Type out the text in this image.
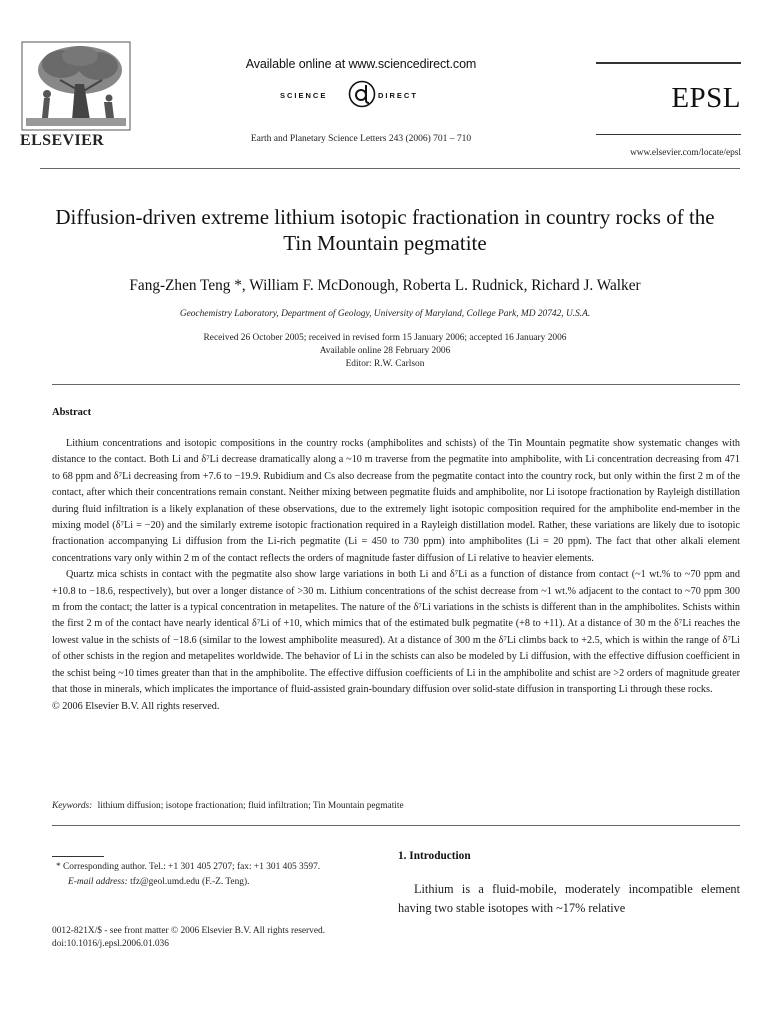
ELSEVIER
Available online at www.sciencedirect.com
SCIENCE	DIRECT
Earth and Planetary Science Letters 243 (2006) 701 – 710
EPSL
www.elsevier.com/locate/epsl
Diffusion-driven extreme lithium isotopic fractionation in country rocks of the Tin Mountain pegmatite
Fang-Zhen Teng *, William F. McDonough, Roberta L. Rudnick, Richard J. Walker
Geochemistry Laboratory, Department of Geology, University of Maryland, College Park, MD 20742, U.S.A.
Received 26 October 2005; received in revised form 15 January 2006; accepted 16 January 2006
Available online 28 February 2006
Editor: R.W. Carlson
Abstract

Lithium concentrations and isotopic compositions in the country rocks (amphibolites and schists) of the Tin Mountain pegmatite show systematic changes with distance to the contact. Both Li and δ⁷Li decrease dramatically along a ~10 m traverse from the pegmatite into amphibolite, with Li concentration decreasing from 471 to 68 ppm and δ⁷Li decreasing from +7.6 to −19.9. Rubidium and Cs also decrease from the pegmatite contact into the country rock, but only within the first 2 m of the contact, after which their concentrations remain constant. Neither mixing between pegmatite fluids and amphibolite, nor Li isotope fractionation by Rayleigh distillation during fluid infiltration is a likely explanation of these observations, due to the extremely light isotopic composition required for the amphibolite end-member in the mixing model (δ⁷Li = −20) and the similarly extreme isotopic fractionation required in a Rayleigh distillation model. Rather, these variations are likely due to isotopic fractionation accompanying Li diffusion from the Li-rich pegmatite (Li = 450 to 730 ppm) into amphibolites (Li = 20 ppm). The fact that other alkali element concentrations vary only within 2 m of the contact reflects the orders of magnitude faster diffusion of Li relative to heavier elements.

Quartz mica schists in contact with the pegmatite also show large variations in both Li and δ⁷Li as a function of distance from contact (~1 wt.% to ~70 ppm and +10.8 to −18.6, respectively), but over a longer distance of >30 m. Lithium concentrations of the schist decrease from ~1 wt.% adjacent to the contact to ~70 ppm 300 m from the contact; the latter is a typical concentration in metapelites. The nature of the δ⁷Li variations in the schists is different than in the amphibolites. Schists within the first 2 m of the contact have nearly identical δ⁷Li of +10, which mimics that of the estimated bulk pegmatite (+8 to +11). At a distance of 30 m the δ⁷Li reaches the lowest value in the schists of −18.6 (similar to the lowest amphibolite measured). At a distance of 300 m the δ⁷Li climbs back to +2.5, which is within the range of δ⁷Li of other schists in the region and metapelites worldwide. The behavior of Li in the schists can also be modeled by Li diffusion, with the effective diffusion coefficient in the schist being ~10 times greater than that in the amphibolite. The effective diffusion coefficients of Li in the amphibolite and schist are >2 orders of magnitude greater that those in minerals, which implicates the importance of fluid-assisted grain-boundary diffusion over solid-state diffusion in transporting Li through these rocks.

© 2006 Elsevier B.V. All rights reserved.

Keywords: lithium diffusion; isotope fractionation; fluid infiltration; Tin Mountain pegmatite
1. Introduction

Lithium is a fluid-mobile, moderately incompatible element having two stable isotopes with ~17% relative

* Corresponding author. Tel.: +1 301 405 2707; fax: +1 301 405 3597.
E-mail address: tfz@geol.umd.edu (F.-Z. Teng).
0012-821X/$ - see front matter © 2006 Elsevier B.V. All rights reserved.
doi:10.1016/j.epsl.2006.01.036
